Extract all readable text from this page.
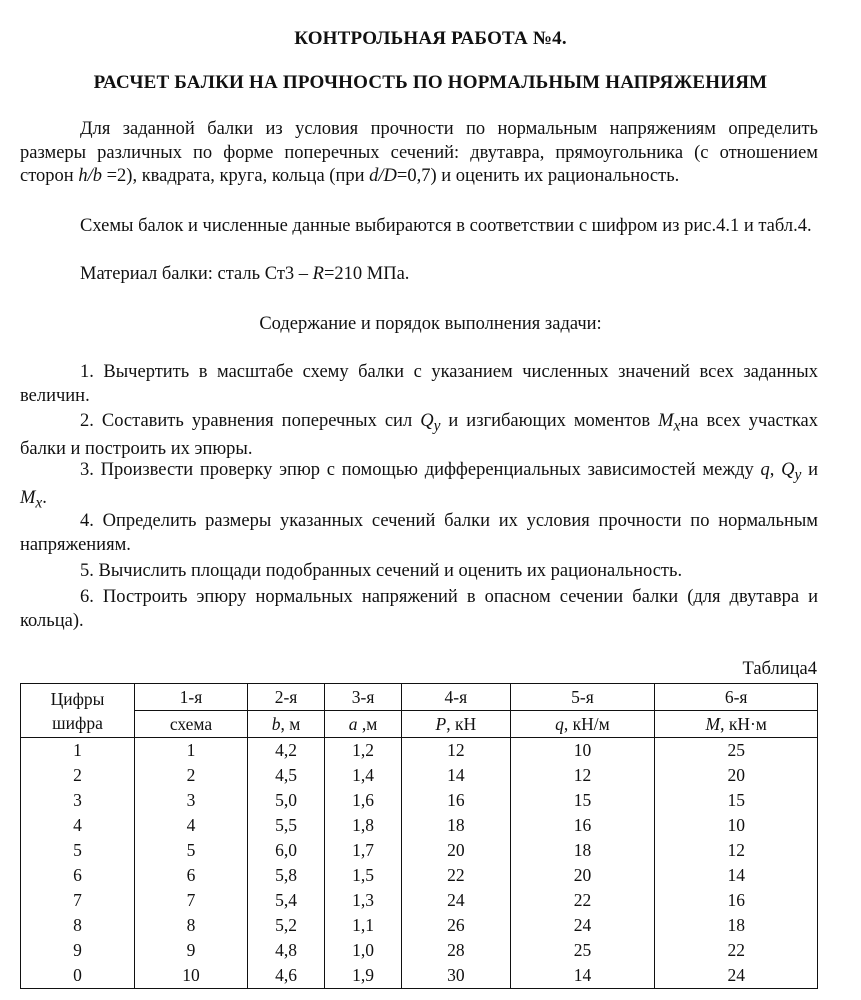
КОНТРОЛЬНАЯ РАБОТА №4.
РАСЧЕТ БАЛКИ НА ПРОЧНОСТЬ ПО НОРМАЛЬНЫМ НАПРЯЖЕНИЯМ
Для заданной балки из условия прочности по нормальным напряжениям определить размеры различных по форме поперечных сечений: двутавра, прямоугольника (с отношением сторон h/b =2), квадрата, круга, кольца (при d/D=0,7) и оценить их рациональность.
Схемы балок и численные данные выбираются в соответствии с шифром из рис.4.1 и табл.4.
Материал балки: сталь Ст3 – R=210 МПа.
Содержание и порядок выполнения задачи:
1. Вычертить в масштабе схему балки с указанием численных значений всех заданных величин.
2. Составить уравнения поперечных сил $Q_y$ и изгибающих моментов $M_xна$ всех участках балки и построить их эпюры.
3. Произвести проверку эпюр с помощью дифференциальных зависимостей между q, $Q_y$ и $M_x$.
4. Определить размеры указанных сечений балки их условия прочности по нормальным напряжениям.
5. Вычислить площади подобранных сечений и оценить их рациональность.
6. Построить эпюру нормальных напряжений в опасном сечении балки (для двутавра и кольца).
Таблица4
Цифры
шифра	1-я	2-я	3-я	4-я	5-я	6-я
	схема	b, м	a ,м	P, кН	q, кН/м	M, кН·м
1	1	4,2	1,2	12	10	25
2	2	4,5	1,4	14	12	20
3	3	5,0	1,6	16	15	15
4	4	5,5	1,8	18	16	10
5	5	6,0	1,7	20	18	12
6	6	5,8	1,5	22	20	14
7	7	5,4	1,3	24	22	16
8	8	5,2	1,1	26	24	18
9	9	4,8	1,0	28	25	22
0	10	4,6	1,9	30	14	24
